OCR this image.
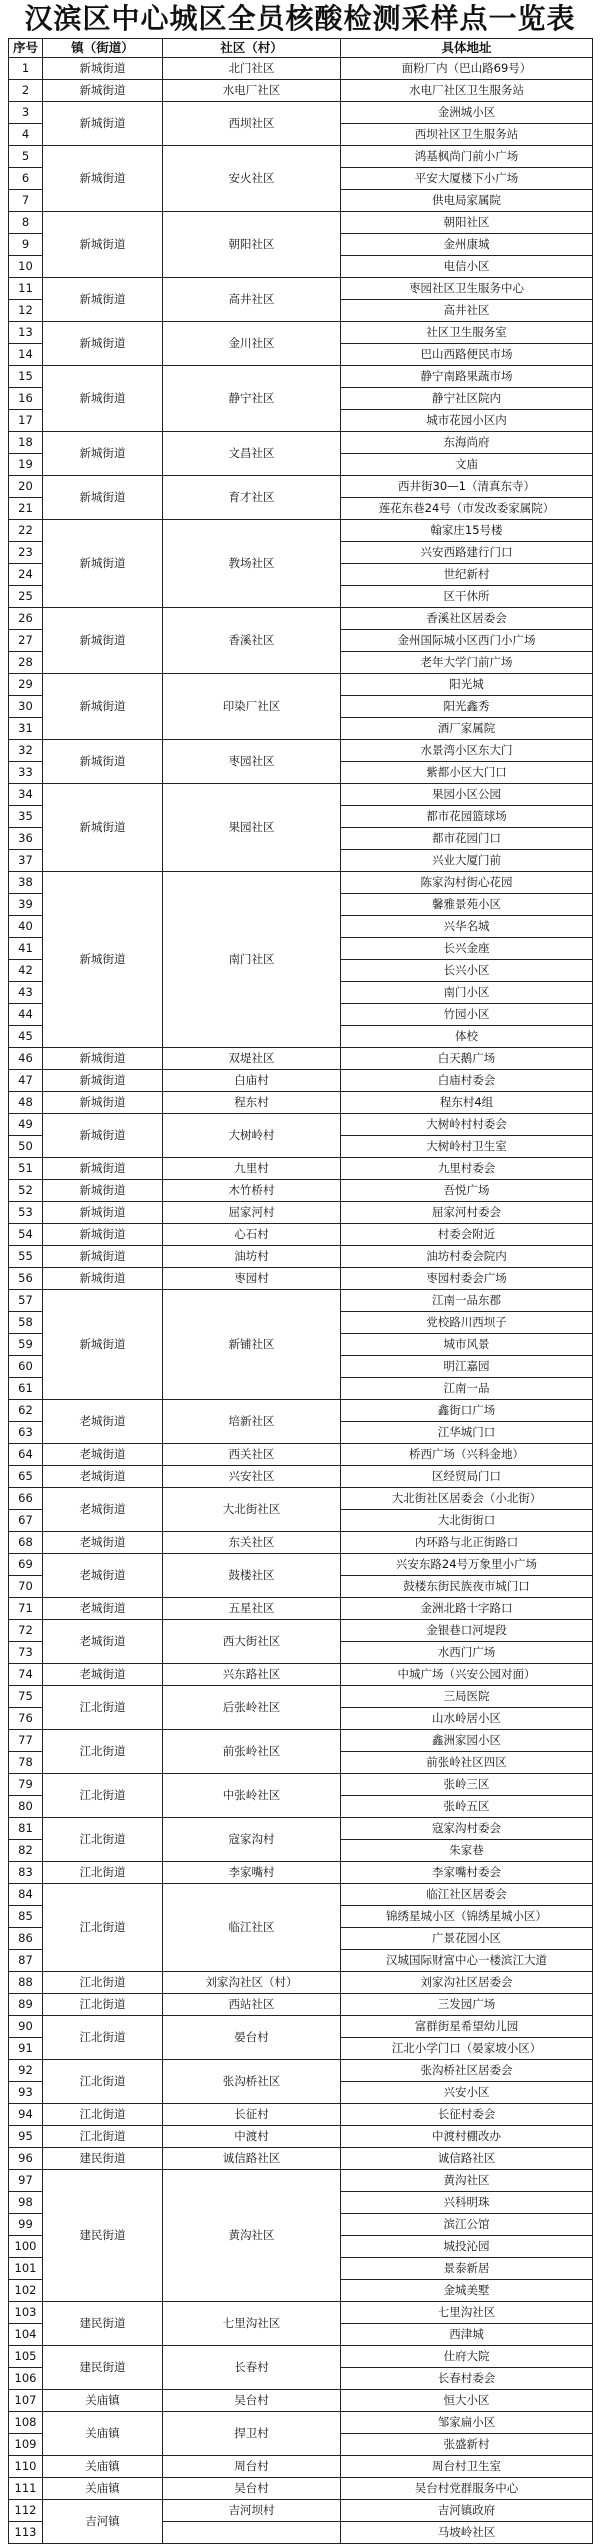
汉滨区中心城区全员核酸检测采样点一览表
序号	镇（街道）	社区（村）	具体地址	
1	新城街道	北门社区	面粉厂内（巴山路69号）	
2	新城街道	水电厂社区	水电厂社区卫生服务站	
3	新城街道	西坝社区	金洲城小区	
4			西坝社区卫生服务站	
5	新城街道	安火社区	鸿基枫尚门前小广场	
6			平安大厦楼下小广场	
7			供电局家属院	
8	新城街道	朝阳社区	朝阳社区	
9			金州康城	
10			电信小区	
11	新城街道	高井社区	枣园社区卫生服务中心	
12			高井社区	
13	新城街道	金川社区	社区卫生服务室	
14			巴山西路便民市场	
15	新城街道	静宁社区	静宁南路果蔬市场	
16			静宁社区院内	
17			城市花园小区内	
18	新城街道	文昌社区	东海尚府	
19			文庙	
20	新城街道	育才社区	西井街30—1（清真东寺）	
21			莲花东巷24号（市发改委家属院）	
22	新城街道	教场社区	翰家庄15号楼	
23			兴安西路建行门口	
24			世纪新村	
25			区干休所	
26	新城街道	香溪社区	香溪社区居委会	
27			金州国际城小区西门小广场	
28			老年大学门前广场	
29	新城街道	印染厂社区	阳光城	
30			阳光鑫秀	
31			酒厂家属院	
32	新城街道	枣园社区	水景湾小区东大门	
33			紫都小区大门口	
34	新城街道	果园社区	果园小区公园	
35			都市花园篮球场	
36			都市花园门口	
37			兴业大厦门前	
38	新城街道	南门社区	陈家沟村街心花园	
39			馨雅景苑小区	
40			兴华名城	
41			长兴金座	
42			长兴小区	
43			南门小区	
44			竹园小区	
45			体校	
46	新城街道	双堤社区	白天鹅广场	
47	新城街道	白庙村	白庙村委会	
48	新城街道	程东村	程东村4组	
49	新城街道	大树岭村	大树岭村村委会	
50			大树岭村卫生室	
51	新城街道	九里村	九里村委会	
52	新城街道	木竹桥村	吾悦广场	
53	新城街道	屈家河村	屈家河村委会	
54	新城街道	心石村	村委会附近	
55	新城街道	油坊村	油坊村委会院内	
56	新城街道	枣园村	枣园村委会广场	
57	新城街道	新铺社区	江南一品东郡	
58			党校路川西坝子	
59			城市风景	
60			明江嘉园	
61			江南一品	
62	老城街道	培新社区	鑫街口广场	
63			江华城门口	
64	老城街道	西关社区	桥西广场（兴科金地）	
65	老城街道	兴安社区	区经贸局门口	
66	老城街道	大北街社区	大北街社区居委会（小北街）	
67			大北街街口	
68	老城街道	东关社区	内环路与北正街路口	
69	老城街道	鼓楼社区	兴安东路24号万象里小广场	
70			鼓楼东街民族夜市城门口	
71	老城街道	五星社区	金洲北路十字路口	
72	老城街道	西大街社区	金银巷口河堤段	
73			水西门广场	
74	老城街道	兴东路社区	中城广场（兴安公园对面）	
75	江北街道	后张岭社区	三局医院	
76			山水岭居小区	
77	江北街道	前张岭社区	鑫洲家园小区	
78			前张岭社区四区	
79	江北街道	中张岭社区	张岭三区	
80			张岭五区	
81	江北街道	寇家沟村	寇家沟村委会	
82			朱家巷	
83	江北街道	李家嘴村	李家嘴村委会	
84	江北街道	临江社区	临江社区居委会	
85			锦绣星城小区（锦绣星城小区）	
86			广景花园小区	
87			汉城国际财富中心一楼滨江大道	
88	江北街道	刘家沟社区（村）	刘家沟社区居委会	
89	江北街道	西站社区	三发园广场	
90	江北街道	晏台村	富群街星希望幼儿园	
91			江北小学门口（晏家坡小区）	
92	江北街道	张沟桥社区	张沟桥社区居委会	
93			兴安小区	
94	江北街道	长征村	长征村委会	
95	江北街道	中渡村	中渡村棚改办	
96	建民街道	诚信路社区	诚信路社区	
97	建民街道	黄沟社区	黄沟社区	
98			兴科明珠	
99			滨江公馆	
100			城投沁园	
101			景泰新居	
102			金城美墅	
103	建民街道	七里沟社区	七里沟社区	
104			西津城	
105	建民街道	长春村	仕府大院	
106			长春村委会	
107	关庙镇	吴台村	恒大小区	
108	关庙镇	捍卫村	邹家扁小区	
109			张盛新村	
110	关庙镇	周台村	周台村卫生室	
111	关庙镇	吴台村	吴台村党群服务中心	
112	吉河镇	吉河坝村	吉河镇政府	
113			马坡岭社区	
